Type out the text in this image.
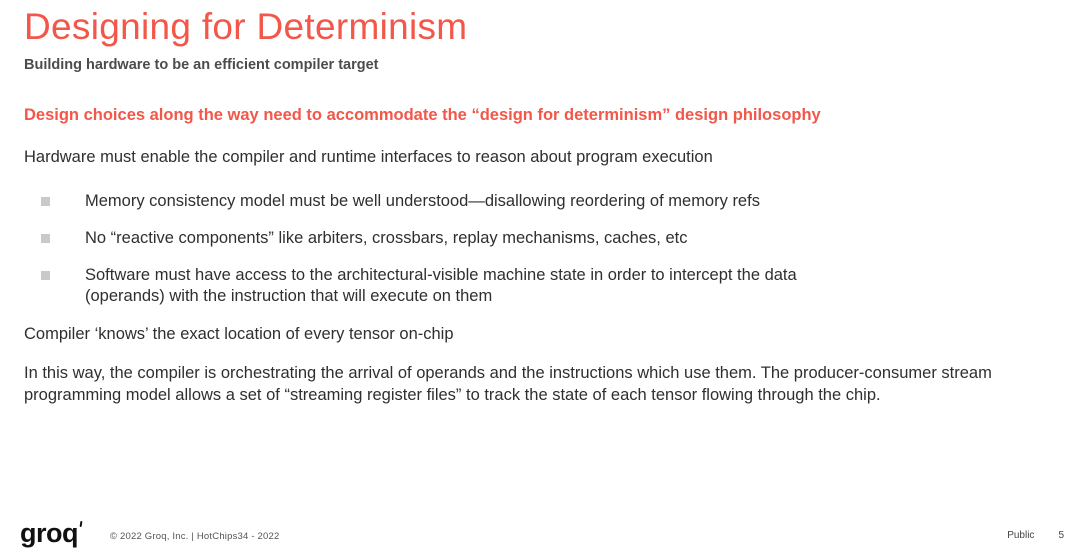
Designing for Determinism
Building hardware to be an efficient compiler target
Design choices along the way need to accommodate the “design for determinism” design philosophy
Hardware must enable the compiler and runtime interfaces to reason about program execution
Memory consistency model must be well understood—disallowing reordering of memory refs
No “reactive components” like arbiters, crossbars, replay mechanisms, caches, etc
Software must have access to the architectural-visible machine state in order to intercept the data (operands) with the instruction that will execute on them
Compiler ‘knows’ the exact location of every tensor on-chip
In this way, the compiler is orchestrating the arrival of operands and the instructions which use them. The producer-consumer stream programming model allows a set of “streaming register files” to track the state of each tensor flowing through the chip.
groq	© 2022 Groq, Inc. | HotChips34 - 2022	Public 5
